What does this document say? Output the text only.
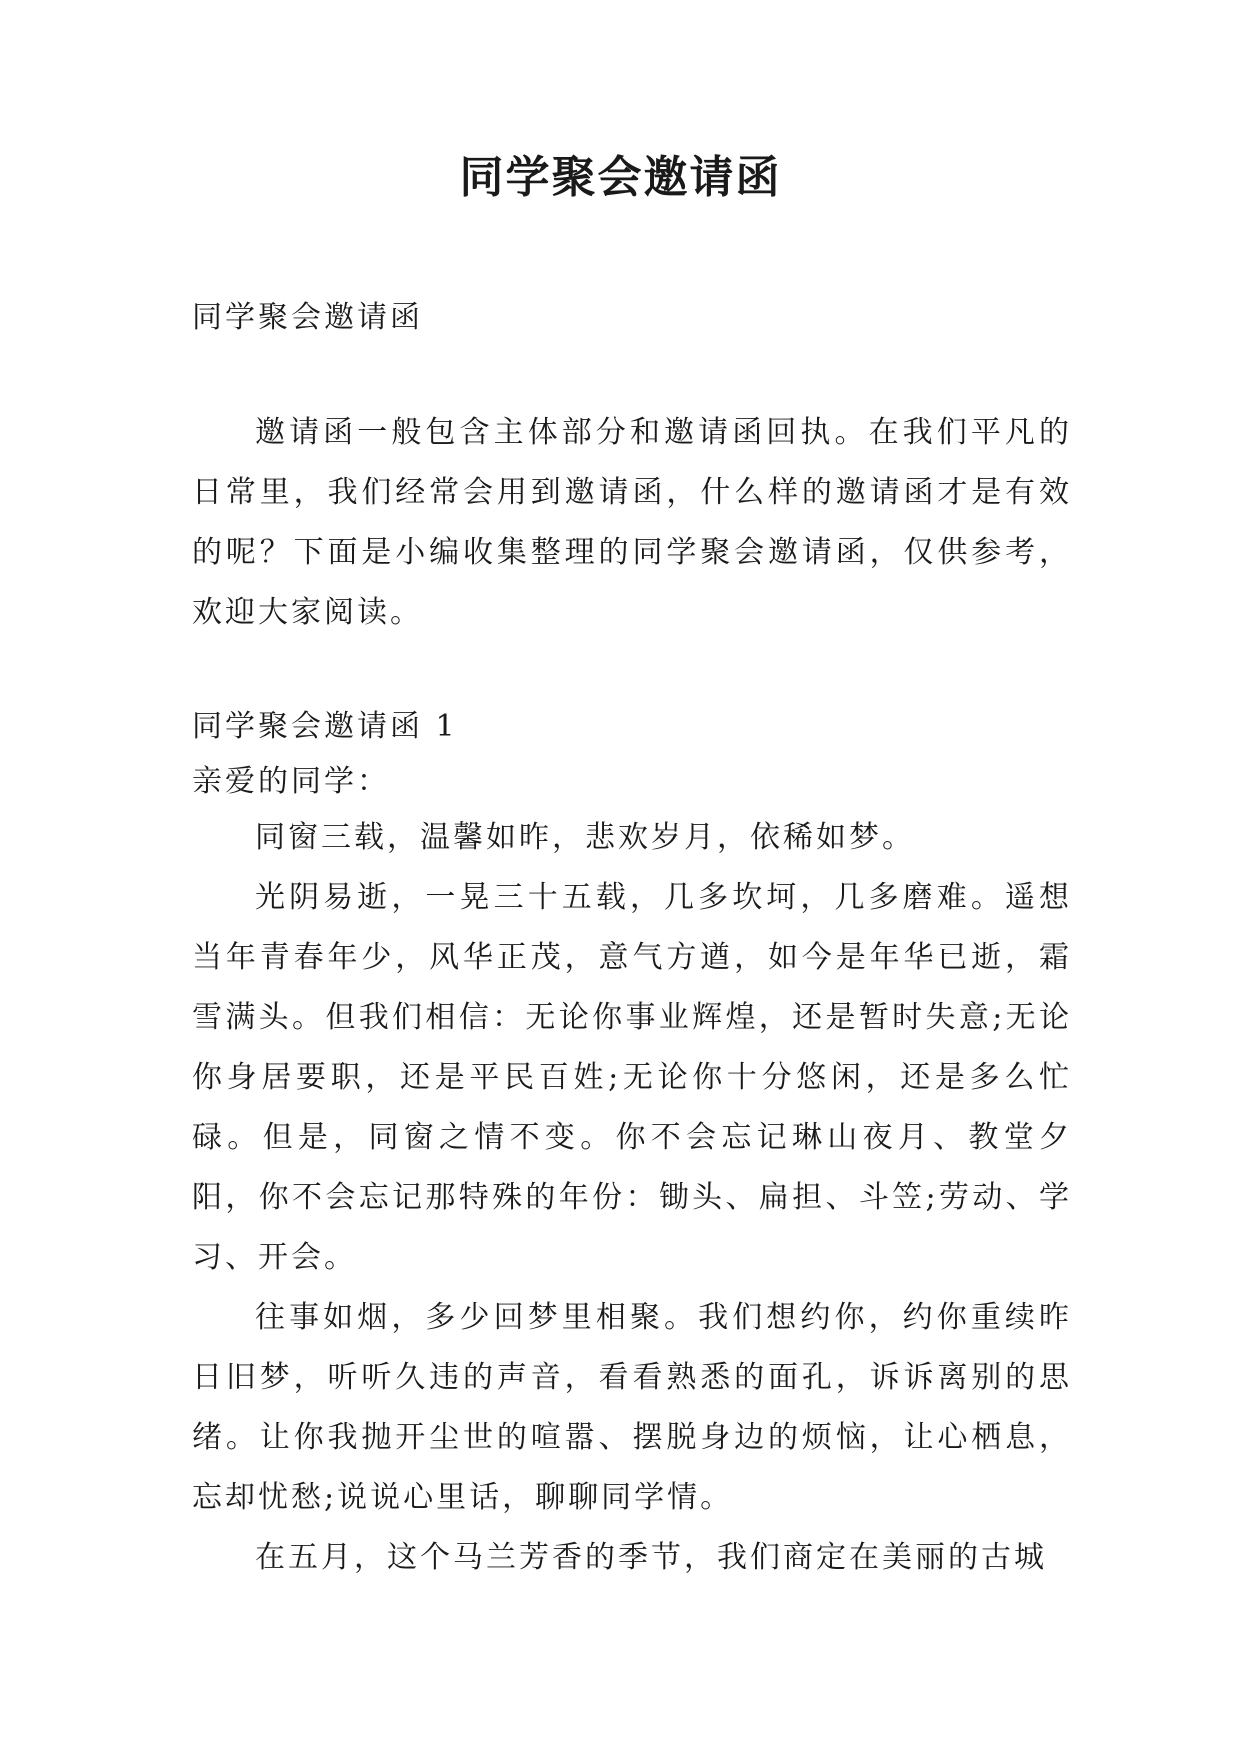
同学聚会邀请函
同学聚会邀请函

邀请函一般包含主体部分和邀请函回执。在我们平凡的日常里，我们经常会用到邀请函，什么样的邀请函才是有效的呢？下面是小编收集整理的同学聚会邀请函，仅供参考，欢迎大家阅读。

同学聚会邀请函 1
亲爱的同学：

同窗三载，温馨如昨，悲欢岁月，依稀如梦。

光阴易逝，一晃三十五载，几多坎坷，几多磨难。遥想当年青春年少，风华正茂，意气方遒，如今是年华已逝，霜雪满头。但我们相信：无论你事业辉煌，还是暂时失意;无论你身居要职，还是平民百姓;无论你十分悠闲，还是多么忙碌。但是，同窗之情不变。你不会忘记琳山夜月、教堂夕阳，你不会忘记那特殊的年份：锄头、扁担、斗笠;劳动、学习、开会。

往事如烟，多少回梦里相聚。我们想约你，约你重续昨日旧梦，听听久违的声音，看看熟悉的面孔，诉诉离别的思绪。让你我抛开尘世的喧嚣、摆脱身边的烦恼，让心栖息，忘却忧愁;说说心里话，聊聊同学情。

在五月，这个马兰芳香的季节，我们商定在美丽的古城
